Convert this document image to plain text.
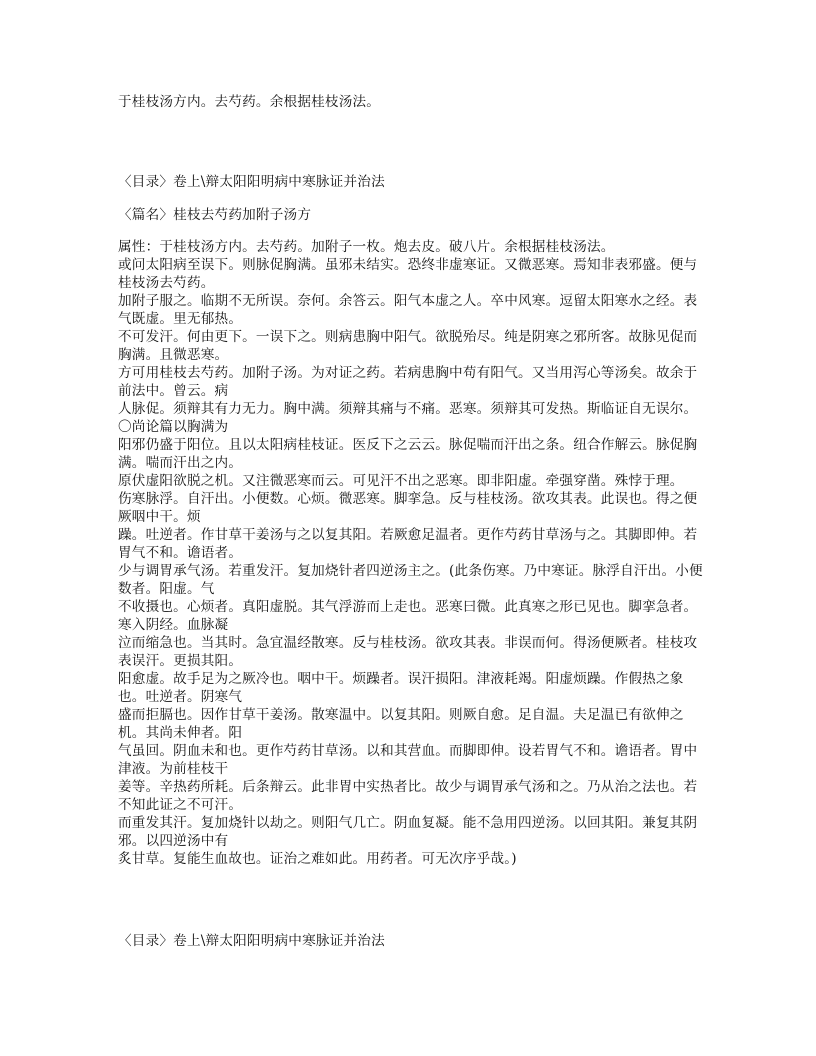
于桂枝汤方内。去芍药。余根据桂枝汤法。
〈目录〉卷上\辩太阳阳明病中寒脉证并治法
〈篇名〉桂枝去芍药加附子汤方
属性：于桂枝汤方内。去芍药。加附子一枚。炮去皮。破八片。余根据桂枝汤法。
或问太阳病至误下。则脉促胸满。虽邪未结实。恐终非虚寒证。又微恶寒。焉知非表邪盛。便与桂枝汤去芍药。
加附子服之。临期不无所误。奈何。余答云。阳气本虚之人。卒中风寒。逗留太阳寒水之经。表气既虚。里无郁热。
不可发汗。何由更下。一误下之。则病患胸中阳气。欲脱殆尽。纯是阴寒之邪所客。故脉见促而胸满。且微恶寒。
方可用桂枝去芍药。加附子汤。为对证之药。若病患胸中苟有阳气。又当用泻心等汤矣。故余于前法中。曾云。病
人脉促。须辩其有力无力。胸中满。须辩其痛与不痛。恶寒。须辩其可发热。斯临证自无误尔。〇尚论篇以胸满为
阳邪仍盛于阳位。且以太阳病桂枝证。医反下之云云。脉促喘而汗出之条。纽合作解云。脉促胸满。喘而汗出之内。
原伏虚阳欲脱之机。又注微恶寒而云。可见汗不出之恶寒。即非阳虚。牵强穿凿。殊悖于理。
伤寒脉浮。自汗出。小便数。心烦。微恶寒。脚挛急。反与桂枝汤。欲攻其表。此误也。得之便厥咽中干。烦
躁。吐逆者。作甘草干姜汤与之以复其阳。若厥愈足温者。更作芍药甘草汤与之。其脚即伸。若胃气不和。谵语者。
少与调胃承气汤。若重发汗。复加烧针者四逆汤主之。(此条伤寒。乃中寒证。脉浮自汗出。小便数者。阳虚。气
不收摄也。心烦者。真阳虚脱。其气浮游而上走也。恶寒曰微。此真寒之形已见也。脚挛急者。寒入阴经。血脉凝
泣而缩急也。当其时。急宜温经散寒。反与桂枝汤。欲攻其表。非误而何。得汤便厥者。桂枝攻表误汗。更损其阳。
阳愈虚。故手足为之厥冷也。咽中干。烦躁者。误汗损阳。津液耗竭。阳虚烦躁。作假热之象也。吐逆者。阴寒气
盛而拒膈也。因作甘草干姜汤。散寒温中。以复其阳。则厥自愈。足自温。夫足温已有欲伸之机。其尚未伸者。阳
气虽回。阴血未和也。更作芍药甘草汤。以和其营血。而脚即伸。设若胃气不和。谵语者。胃中津液。为前桂枝干
姜等。辛热药所耗。后条辩云。此非胃中实热者比。故少与调胃承气汤和之。乃从治之法也。若不知此证之不可汗。
而重发其汗。复加烧针以劫之。则阳气几亡。阴血复凝。能不急用四逆汤。以回其阳。兼复其阴邪。以四逆汤中有
炙甘草。复能生血故也。证治之难如此。用药者。可无次序乎哉。)
〈目录〉卷上\辩太阳阳明病中寒脉证并治法
